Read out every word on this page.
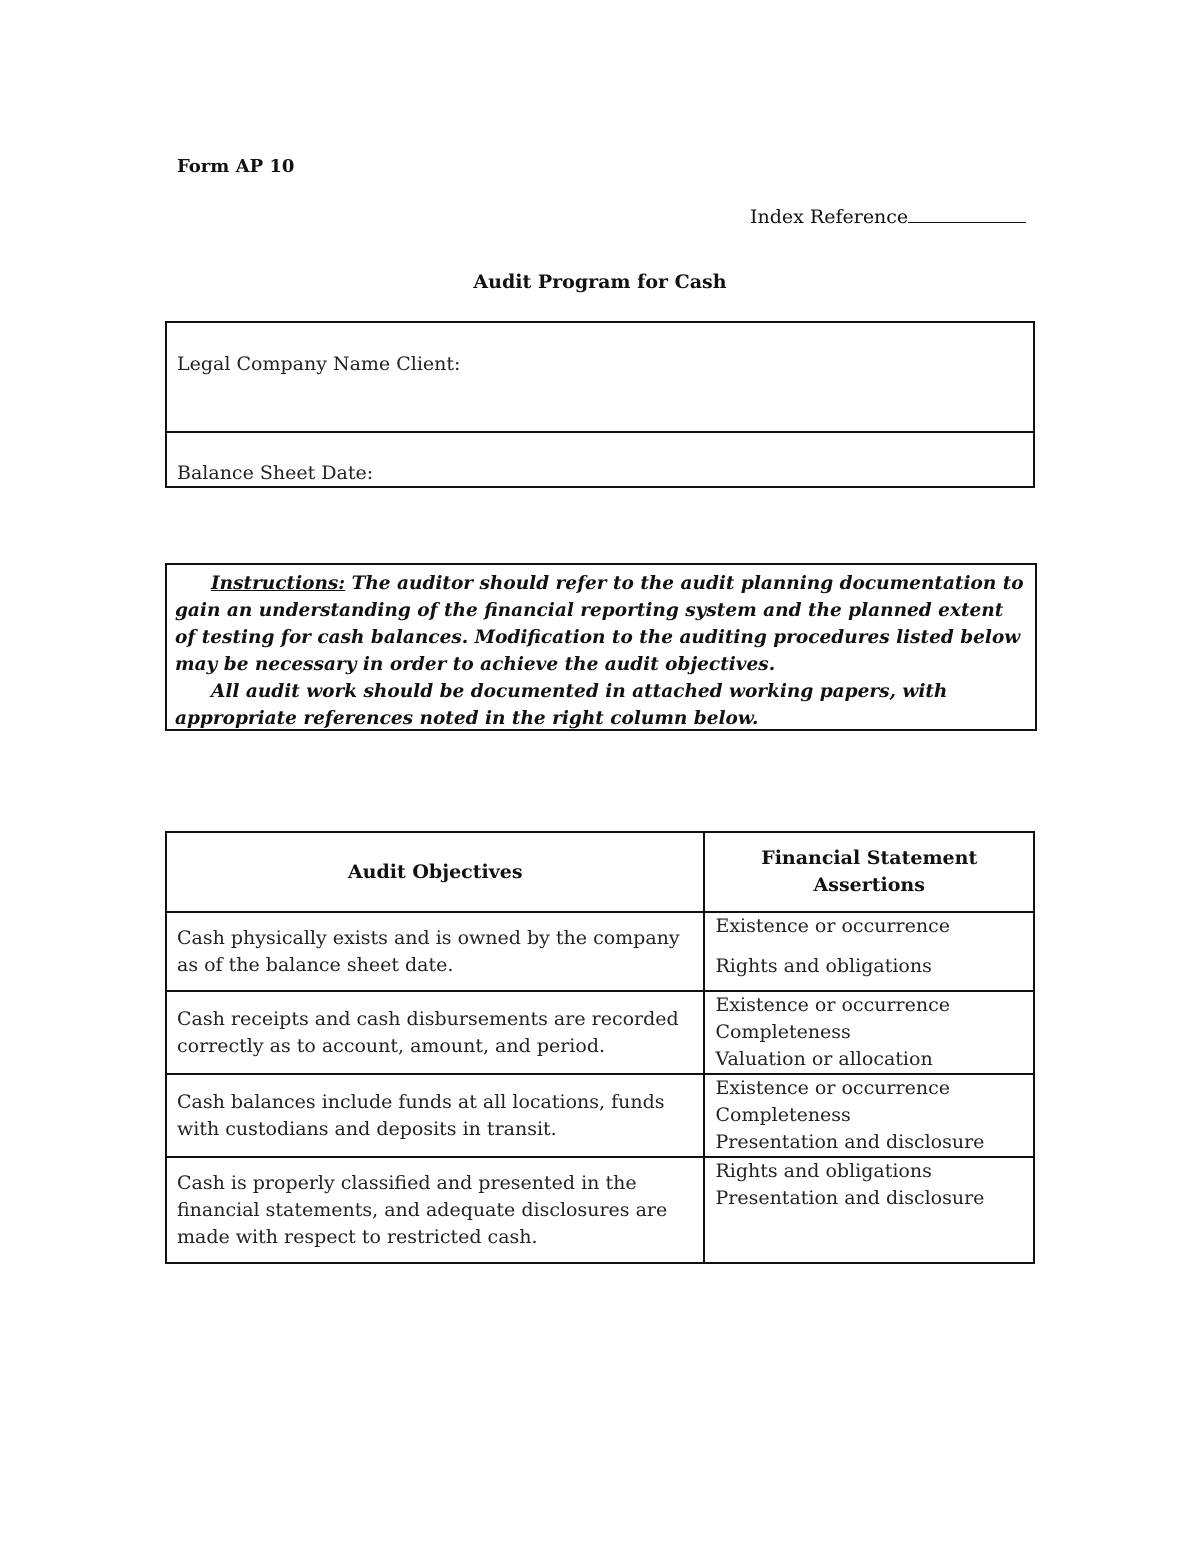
Form AP 10
Index Reference
Audit Program for Cash
Legal Company Name Client:
Balance Sheet Date:

Instructions: The auditor should refer to the audit planning documentation to gain an understanding of the financial reporting system and the planned extent of testing for cash balances. Modification to the auditing procedures listed below may be necessary in order to achieve the audit objectives.

All audit work should be documented in attached working papers, with appropriate references noted in the right column below.

Audit Objectives	Financial Statement Assertions

Cash physically exists and is owned by the company as of the balance sheet date.	Existence or occurrence
Rights and obligations

Cash receipts and cash disbursements are recorded correctly as to account, amount, and period.	Existence or occurrence
Completeness
Valuation or allocation

Cash balances include funds at all locations, funds with custodians and deposits in transit.	Existence or occurrence
Completeness
Presentation and disclosure

Cash is properly classified and presented in the financial statements, and adequate disclosures are made with respect to restricted cash.	Rights and obligations
Presentation and disclosure
